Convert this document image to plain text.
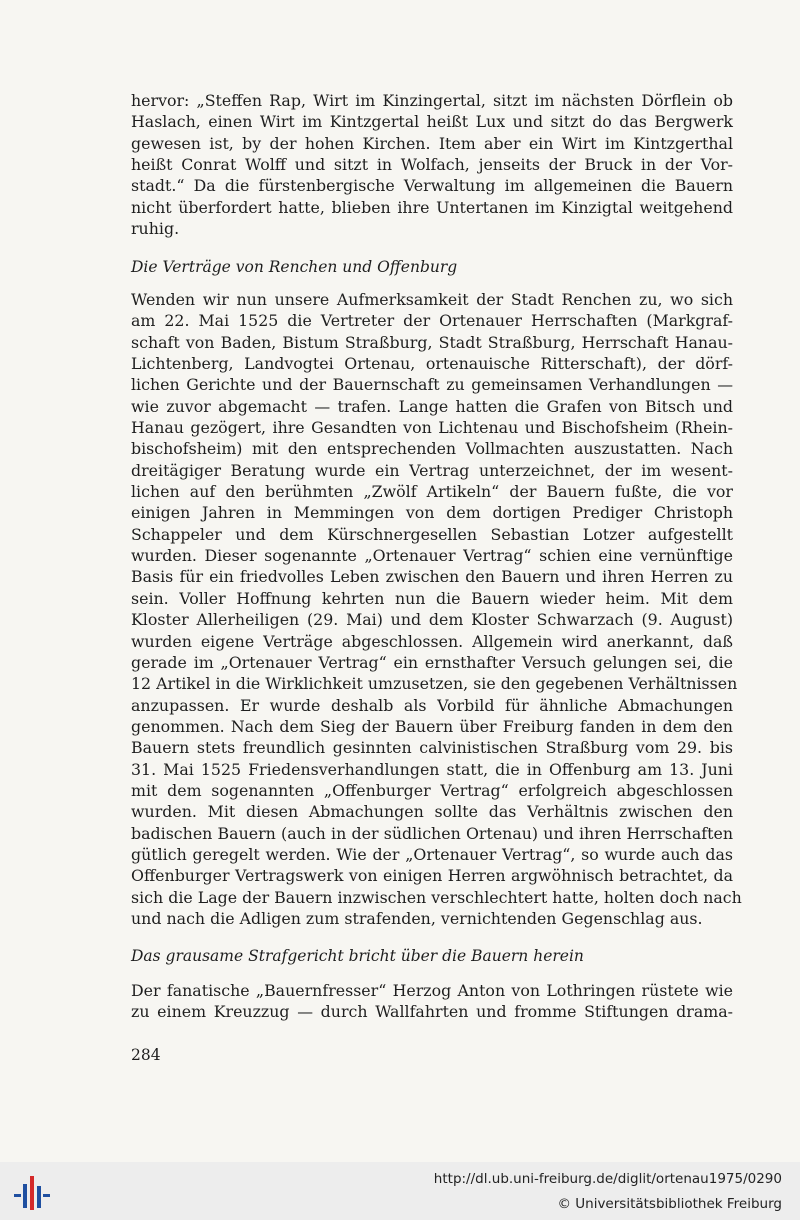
hervor: „Steffen Rap, Wirt im Kinzingertal, sitzt im nächsten Dörflein ob
Haslach, einen Wirt im Kintzgertal heißt Lux und sitzt do das Bergwerk
gewesen ist, by der hohen Kirchen. Item aber ein Wirt im Kintzgerthal
heißt Conrat Wolff und sitzt in Wolfach, jenseits der Bruck in der Vor-
stadt.“ Da die fürstenbergische Verwaltung im allgemeinen die Bauern
nicht überfordert hatte, blieben ihre Untertanen im Kinzigtal weitgehend
ruhig.
Die Verträge von Renchen und Offenburg
Wenden wir nun unsere Aufmerksamkeit der Stadt Renchen zu, wo sich
am 22. Mai 1525 die Vertreter der Ortenauer Herrschaften (Markgraf-
schaft von Baden, Bistum Straßburg, Stadt Straßburg, Herrschaft Hanau-
Lichtenberg, Landvogtei Ortenau, ortenauische Ritterschaft), der dörf-
lichen Gerichte und der Bauernschaft zu gemeinsamen Verhandlungen —
wie zuvor abgemacht — trafen. Lange hatten die Grafen von Bitsch und
Hanau gezögert, ihre Gesandten von Lichtenau und Bischofsheim (Rhein-
bischofsheim) mit den entsprechenden Vollmachten auszustatten. Nach
dreitägiger Beratung wurde ein Vertrag unterzeichnet, der im wesent-
lichen auf den berühmten „Zwölf Artikeln“ der Bauern fußte, die vor
einigen Jahren in Memmingen von dem dortigen Prediger Christoph
Schappeler und dem Kürschnergesellen Sebastian Lotzer aufgestellt
wurden. Dieser sogenannte „Ortenauer Vertrag“ schien eine vernünftige
Basis für ein friedvolles Leben zwischen den Bauern und ihren Herren zu
sein. Voller Hoffnung kehrten nun die Bauern wieder heim. Mit dem
Kloster Allerheiligen (29. Mai) und dem Kloster Schwarzach (9. August)
wurden eigene Verträge abgeschlossen. Allgemein wird anerkannt, daß
gerade im „Ortenauer Vertrag“ ein ernsthafter Versuch gelungen sei, die
12 Artikel in die Wirklichkeit umzusetzen, sie den gegebenen Verhältnissen
anzupassen. Er wurde deshalb als Vorbild für ähnliche Abmachungen
genommen. Nach dem Sieg der Bauern über Freiburg fanden in dem den
Bauern stets freundlich gesinnten calvinistischen Straßburg vom 29. bis
31. Mai 1525 Friedensverhandlungen statt, die in Offenburg am 13. Juni
mit dem sogenannten „Offenburger Vertrag“ erfolgreich abgeschlossen
wurden. Mit diesen Abmachungen sollte das Verhältnis zwischen den
badischen Bauern (auch in der südlichen Ortenau) und ihren Herrschaften
gütlich geregelt werden. Wie der „Ortenauer Vertrag“, so wurde auch das
Offenburger Vertragswerk von einigen Herren argwöhnisch betrachtet, da
sich die Lage der Bauern inzwischen verschlechtert hatte, holten doch nach
und nach die Adligen zum strafenden, vernichtenden Gegenschlag aus.
Das grausame Strafgericht bricht über die Bauern herein
Der fanatische „Bauernfresser“ Herzog Anton von Lothringen rüstete wie
zu einem Kreuzzug — durch Wallfahrten und fromme Stiftungen drama-
284
http://dl.ub.uni-freiburg.de/diglit/ortenau1975/0290
© Universitätsbibliothek Freiburg
